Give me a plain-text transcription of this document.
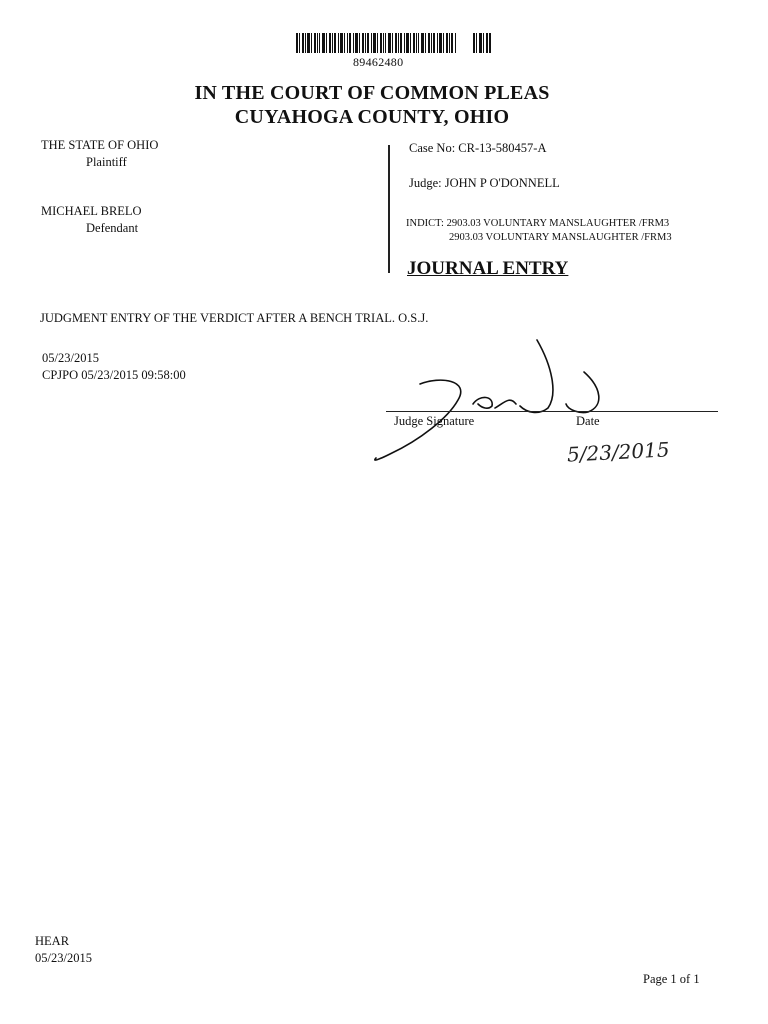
89462480
IN THE COURT OF COMMON PLEAS
CUYAHOGA COUNTY, OHIO
THE STATE OF OHIO
Plaintiff
MICHAEL BRELO
Defendant
Case No: CR-13-580457-A
Judge: JOHN P O'DONNELL
INDICT: 2903.03 VOLUNTARY MANSLAUGHTER /FRM3
2903.03 VOLUNTARY MANSLAUGHTER /FRM3
JOURNAL ENTRY
JUDGMENT ENTRY OF THE VERDICT AFTER A BENCH TRIAL. O.S.J.
05/23/2015
CPJPO 05/23/2015 09:58:00
Judge Signature	Date
5/23/2015
HEAR
05/23/2015
Page 1 of 1
